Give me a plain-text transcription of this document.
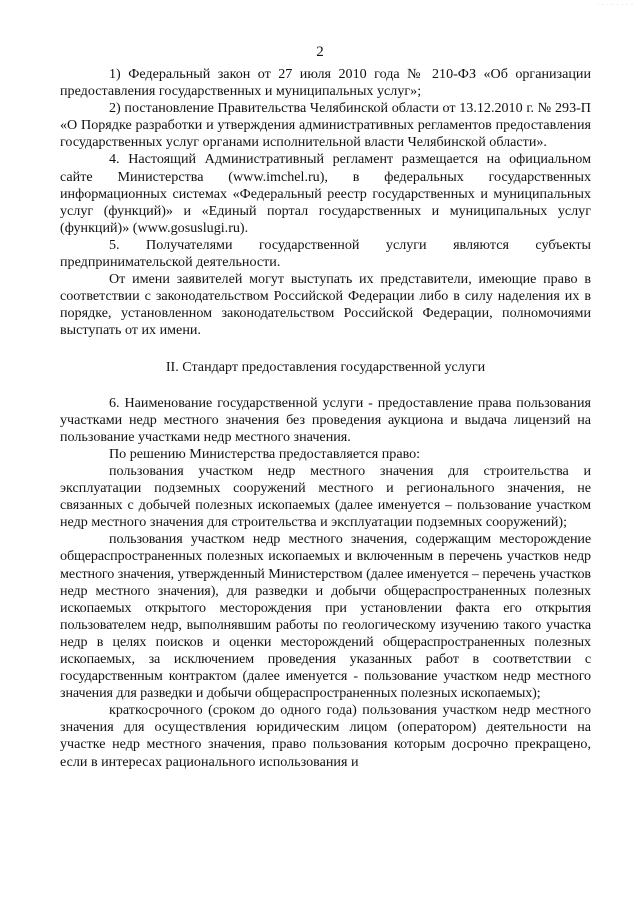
- - - - - - - -
2

1) Федеральный закон от 27 июля 2010 года № 210-ФЗ «Об организации предоставления государственных и муниципальных услуг»;

2) постановление Правительства Челябинской области от 13.12.2010 г. № 293-П «О Порядке разработки и утверждения административных регламентов предоставления государственных услуг органами исполнительной власти Челябинской области».

4. Настоящий Административный регламент размещается на официальном сайте Министерства (www.imchel.ru), в федеральных государственных информационных системах «Федеральный реестр государственных и муниципальных услуг (функций)» и «Единый портал государственных и муниципальных услуг (функций)» (www.gosuslugi.ru).

5. Получателями государственной услуги являются субъекты предпринимательской деятельности.

От имени заявителей могут выступать их представители, имеющие право в соответствии с законодательством Российской Федерации либо в силу наделения их в порядке, установленном законодательством Российской Федерации, полномочиями выступать от их имени.

II. Стандарт предоставления государственной услуги

6. Наименование государственной услуги - предоставление права пользования участками недр местного значения без проведения аукциона и выдача лицензий на пользование участками недр местного значения.

По решению Министерства предоставляется право:

пользования участком недр местного значения для строительства и эксплуатации подземных сооружений местного и регионального значения, не связанных с добычей полезных ископаемых (далее именуется – пользование участком недр местного значения для строительства и эксплуатации подземных сооружений);

пользования участком недр местного значения, содержащим месторождение общераспространенных полезных ископаемых и включенным в перечень участков недр местного значения, утвержденный Министерством (далее именуется – перечень участков недр местного значения), для разведки и добычи общераспространенных полезных ископаемых открытого месторождения при установлении факта его открытия пользователем недр, выполнявшим работы по геологическому изучению такого участка недр в целях поисков и оценки месторождений общераспространенных полезных ископаемых, за исключением проведения указанных работ в соответствии с государственным контрактом (далее именуется - пользование участком недр местного значения для разведки и добычи общераспространенных полезных ископаемых);

краткосрочного (сроком до одного года) пользования участком недр местного значения для осуществления юридическим лицом (оператором) деятельности на участке недр местного значения, право пользования которым досрочно прекращено, если в интересах рационального использования и
